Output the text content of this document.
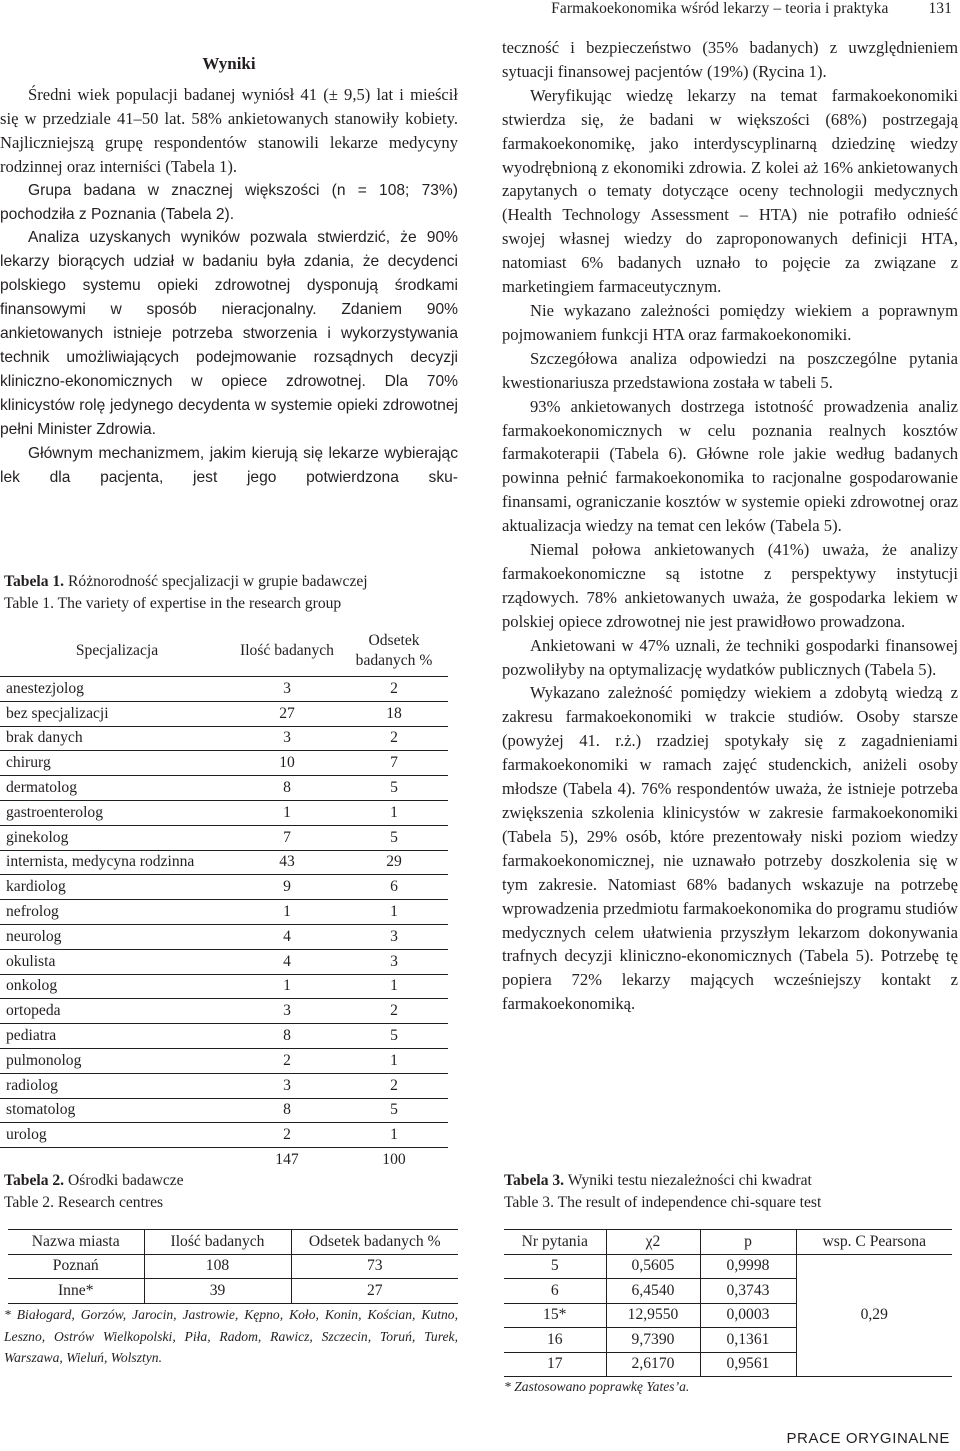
Farmakoekonomika wśród lekarzy – teoria i praktyka	131
Wyniki

Średni wiek populacji badanej wyniósł 41 (± 9,5) lat i mieścił się w przedziale 41–50 lat. 58% ankietowanych stanowiły kobiety. Najliczniejszą grupę respondentów stanowili lekarze medycyny rodzinnej oraz interniści (Tabela 1).

Grupa badana w znacznej większości (n = 108; 73%) pochodziła z Poznania (Tabela 2).

Analiza uzyskanych wyników pozwala stwierdzić, że 90% lekarzy biorących udział w badaniu była zdania, że decydenci polskiego systemu opieki zdrowotnej dysponują środkami finansowymi w sposób nieracjonalny. Zdaniem 90% ankietowanych istnieje potrzeba stworzenia i wykorzystywania technik umożliwiających podejmowanie rozsądnych decyzji kliniczno-ekonomicznych w opiece zdrowotnej. Dla 70% klinicystów rolę jedynego decydenta w systemie opieki zdrowotnej pełni Minister Zdrowia.

Głównym mechanizmem, jakim kierują się lekarze wybierając lek dla pacjenta, jest jego potwierdzona sku-

teczność i bezpieczeństwo (35% badanych) z uwzględnieniem sytuacji finansowej pacjentów (19%) (Rycina 1).

Weryfikując wiedzę lekarzy na temat farmakoekonomiki stwierdza się, że badani w większości (68%) postrzegają farmakoekonomikę, jako interdyscyplinarną dziedzinę wiedzy wyodrębnioną z ekonomiki zdrowia. Z kolei aż 16% ankietowanych zapytanych o tematy dotyczące oceny technologii medycznych (Health Technology Assessment – HTA) nie potrafiło odnieść swojej własnej wiedzy do zaproponowanych definicji HTA, natomiast 6% badanych uznało to pojęcie za związane z marketingiem farmaceutycznym.

Nie wykazano zależności pomiędzy wiekiem a poprawnym pojmowaniem funkcji HTA oraz farmakoekonomiki.

Szczegółowa analiza odpowiedzi na poszczególne pytania kwestionariusza przedstawiona została w tabeli 5.

93% ankietowanych dostrzega istotność prowadzenia analiz farmakoekonomicznych w celu poznania realnych kosztów farmakoterapii (Tabela 6). Główne role jakie według badanych powinna pełnić farmakoekonomika to racjonalne gospodarowanie finansami, ograniczanie kosztów w systemie opieki zdrowotnej oraz aktualizacja wiedzy na temat cen leków (Tabela 5).

Niemal połowa ankietowanych (41%) uważa, że analizy farmakoekonomiczne są istotne z perspektywy instytucji rządowych. 78% ankietowanych uważa, że gospodarka lekiem w polskiej opiece zdrowotnej nie jest prawidłowo prowadzona.

Ankietowani w 47% uznali, że techniki gospodarki finansowej pozwoliłyby na optymalizację wydatków publicznych (Tabela 5).

Wykazano zależność pomiędzy wiekiem a zdobytą wiedzą z zakresu farmakoekonomiki w trakcie studiów. Osoby starsze (powyżej 41. r.ż.) rzadziej spotykały się z zagadnieniami farmakoekonomiki w ramach zajęć studenckich, aniżeli osoby młodsze (Tabela 4). 76% respondentów uważa, że istnieje potrzeba zwiększenia szkolenia klinicystów w zakresie farmakoekonomiki (Tabela 5), 29% osób, które prezentowały niski poziom wiedzy farmakoekonomicznej, nie uznawało potrzeby doszkolenia się w tym zakresie. Natomiast 68% badanych wskazuje na potrzebę wprowadzenia przedmiotu farmakoekonomika do programu studiów medycznych celem ułatwienia przyszłym lekarzom dokonywania trafnych decyzji kliniczno-ekonomicznych (Tabela 5). Potrzebę tę popiera 72% lekarzy mających wcześniejszy kontakt z farmakoekonomiką.

Tabela 1. Różnorodność specjalizacji w grupie badawczej
Table 1. The variety of expertise in the research group
Specjalizacja	Ilość badanych	Odsetek badanych %
anestezjolog	3	2
bez specjalizacji	27	18
brak danych	3	2
chirurg	10	7
dermatolog	8	5
gastroenterolog	1	1
ginekolog	7	5
internista, medycyna rodzinna	43	29
kardiolog	9	6
nefrolog	1	1
neurolog	4	3
okulista	4	3
onkolog	1	1
ortopeda	3	2
pediatra	8	5
pulmonolog	2	1
radiolog	3	2
stomatolog	8	5
urolog	2	1
	147	100
Tabela 2. Ośrodki badawcze
Table 2. Research centres
Nazwa miasta	Ilość badanych	Odsetek badanych %
Poznań	108	73
Inne*	39	27
* Białogard, Gorzów, Jarocin, Jastrowie, Kępno, Koło, Konin, Kościan, Kutno, Leszno, Ostrów Wielkopolski, Piła, Radom, Rawicz, Szczecin, Toruń, Turek, Warszawa, Wieluń, Wolsztyn.
Tabela 3. Wyniki testu niezależności chi kwadrat
Table 3. The result of independence chi-square test
Nr pytania	χ2	p	wsp. C Pearsona
5	0,5605	0,9998	0,29
6	6,4540	0,3743	
15*	12,9550	0,0003	
16	9,7390	0,1361	
17	2,6170	0,9561	
* Zastosowano poprawkę Yates’a.
PRACE ORYGINALNE
